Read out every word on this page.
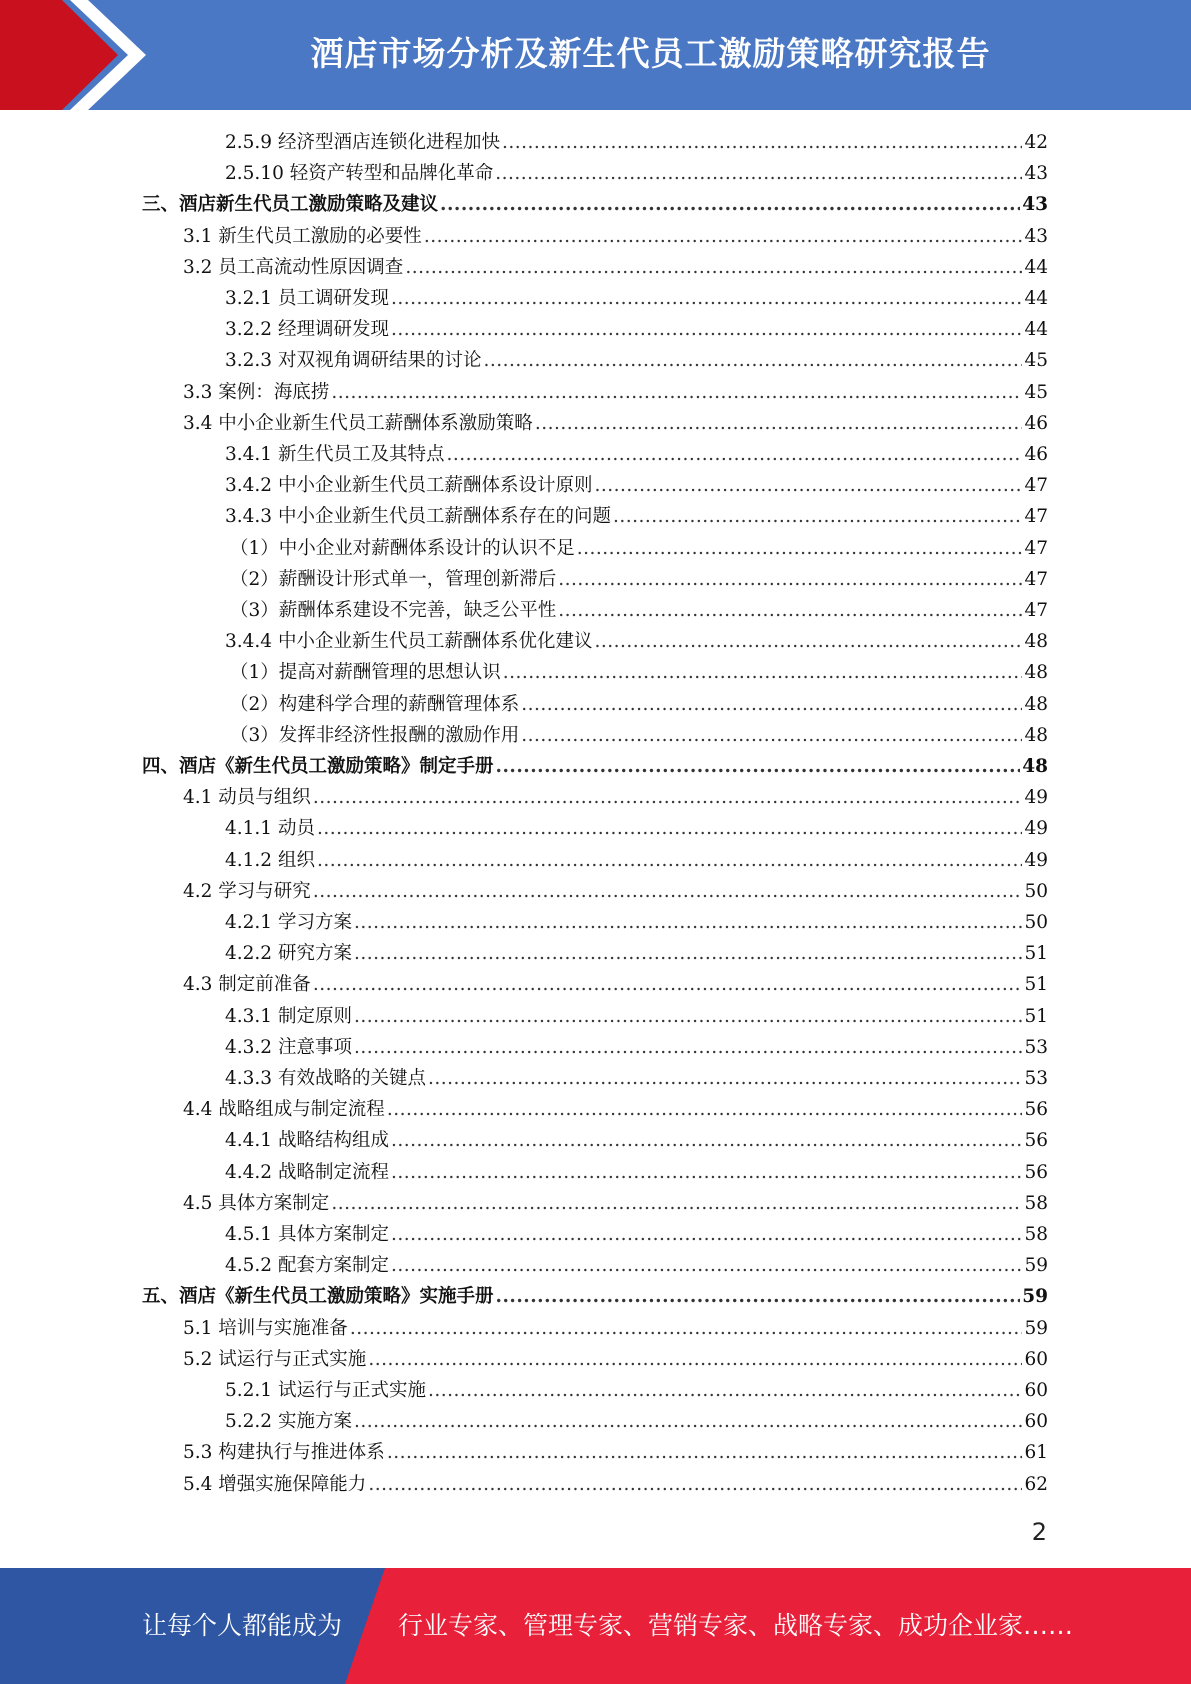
酒店市场分析及新生代员工激励策略研究报告
2.5.9 经济型酒店连锁化进程加快 .....	42
2.5.10 轻资产转型和品牌化革命 .....	43
三、酒店新生代员工激励策略及建议 .....	43
3.1 新生代员工激励的必要性 .....	43
3.2 员工高流动性原因调查 .....	44
3.2.1 员工调研发现 .....	44
3.2.2 经理调研发现 .....	44
3.2.3 对双视角调研结果的讨论 .....	45
3.3 案例：海底捞 .....	45
3.4 中小企业新生代员工薪酬体系激励策略 .....	46
3.4.1 新生代员工及其特点 .....	46
3.4.2 中小企业新生代员工薪酬体系设计原则 .....	47
3.4.3 中小企业新生代员工薪酬体系存在的问题 .....	47
（1）中小企业对薪酬体系设计的认识不足 .....	47
（2）薪酬设计形式单一，管理创新滞后 .....	47
（3）薪酬体系建设不完善，缺乏公平性 .....	47
3.4.4 中小企业新生代员工薪酬体系优化建议 .....	48
（1）提高对薪酬管理的思想认识 .....	48
（2）构建科学合理的薪酬管理体系 .....	48
（3）发挥非经济性报酬的激励作用 .....	48
四、酒店《新生代员工激励策略》制定手册 .....	48
4.1 动员与组织 .....	49
4.1.1 动员 .....	49
4.1.2 组织 .....	49
4.2 学习与研究 .....	50
4.2.1 学习方案 .....	50
4.2.2 研究方案 .....	51
4.3 制定前准备 .....	51
4.3.1 制定原则 .....	51
4.3.2 注意事项 .....	53
4.3.3 有效战略的关键点 .....	53
4.4 战略组成与制定流程 .....	56
4.4.1 战略结构组成 .....	56
4.4.2 战略制定流程 .....	56
4.5 具体方案制定 .....	58
4.5.1 具体方案制定 .....	58
4.5.2 配套方案制定 .....	59
五、酒店《新生代员工激励策略》实施手册 .....	59
5.1 培训与实施准备 .....	59
5.2 试运行与正式实施 .....	60
5.2.1 试运行与正式实施 .....	60
5.2.2 实施方案 .....	60
5.3 构建执行与推进体系 .....	61
5.4 增强实施保障能力 .....	62
2
让每个人都能成为 行业专家、管理专家、营销专家、战略专家、成功企业家……
